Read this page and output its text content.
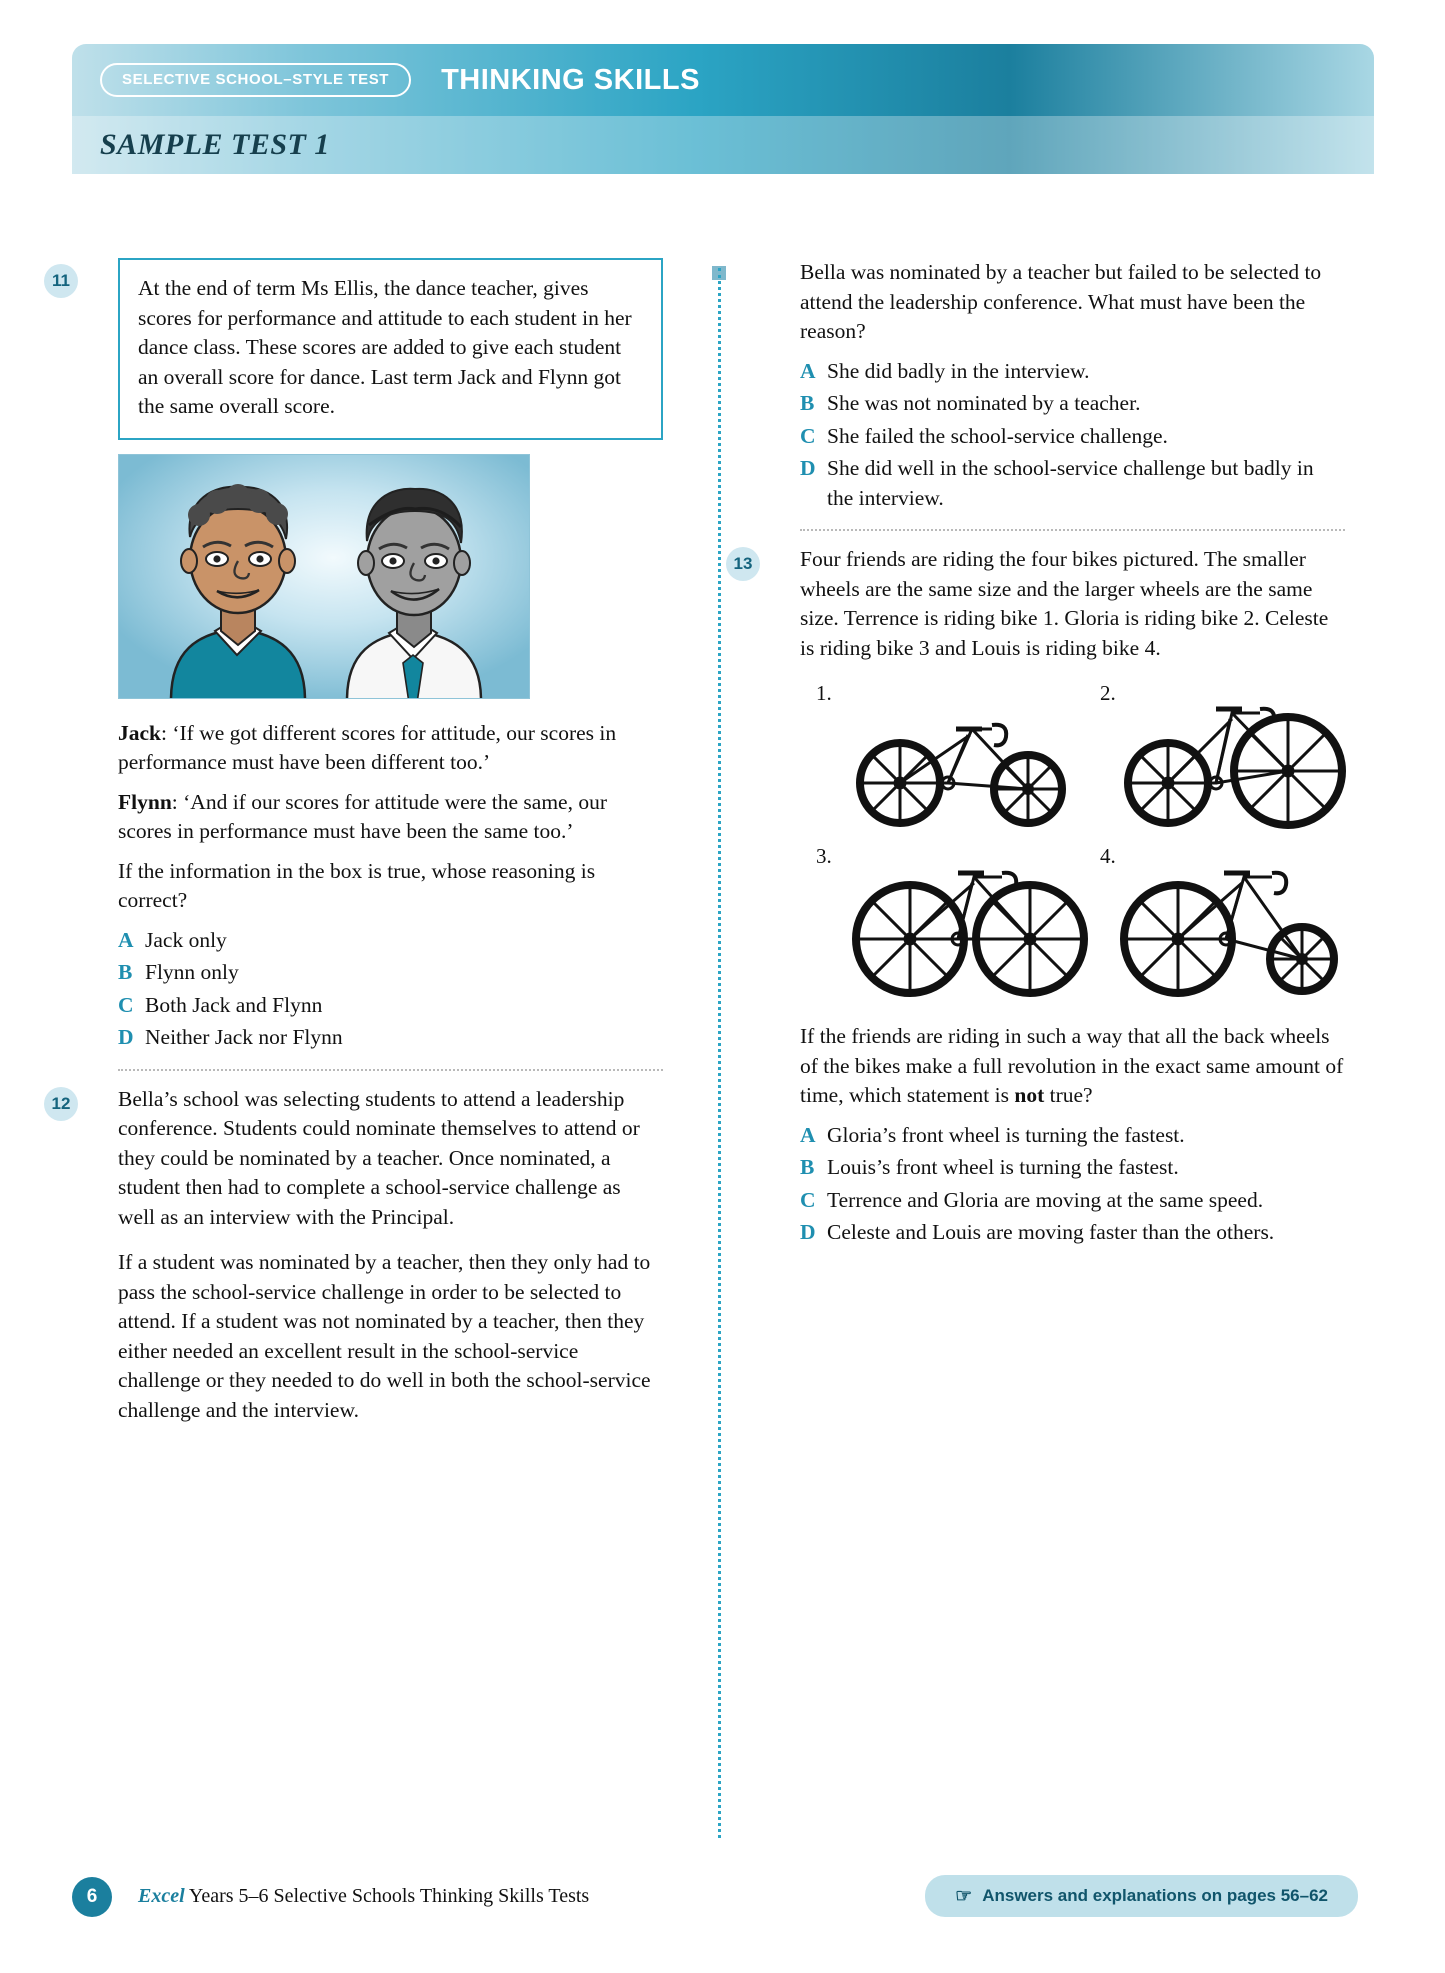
SELECTIVE SCHOOL–STYLE TEST	THINKING SKILLS
SAMPLE TEST 1
11	At the end of term Ms Ellis, the dance teacher, gives scores for performance and attitude to each student in her dance class. These scores are added to give each student an overall score for dance. Last term Jack and Flynn got the same overall score.

Jack: ‘If we got different scores for attitude, our scores in performance must have been different too.’

Flynn: ‘And if our scores for attitude were the same, our scores in performance must have been the same too.’

If the information in the box is true, whose reasoning is correct?

A Jack only
B Flynn only
C Both Jack and Flynn
D Neither Jack nor Flynn
12	Bella’s school was selecting students to attend a leadership conference. Students could nominate themselves to attend or they could be nominated by a teacher. Once nominated, a student then had to complete a school-service challenge as well as an interview with the Principal.

If a student was nominated by a teacher, then they only had to pass the school-service challenge in order to be selected to attend. If a student was not nominated by a teacher, then they either needed an excellent result in the school-service challenge or they needed to do well in both the school-service challenge and the interview.

Bella was nominated by a teacher but failed to be selected to attend the leadership conference. What must have been the reason?

A She did badly in the interview.
B She was not nominated by a teacher.
C She failed the school-service challenge.
D She did well in the school-service challenge but badly in the interview.
13	Four friends are riding the four bikes pictured. The smaller wheels are the same size and the larger wheels are the same size. Terrence is riding bike 1. Gloria is riding bike 2. Celeste is riding bike 3 and Louis is riding bike 4.

1.	2.
3.	4.

If the friends are riding in such a way that all the back wheels of the bikes make a full revolution in the exact same amount of time, which statement is not true?

A Gloria’s front wheel is turning the fastest.
B Louis’s front wheel is turning the fastest.
C Terrence and Gloria are moving at the same speed.
D Celeste and Louis are moving faster than the others.
6	Excel Years 5–6 Selective Schools Thinking Skills Tests	☞ Answers and explanations on pages 56–62
